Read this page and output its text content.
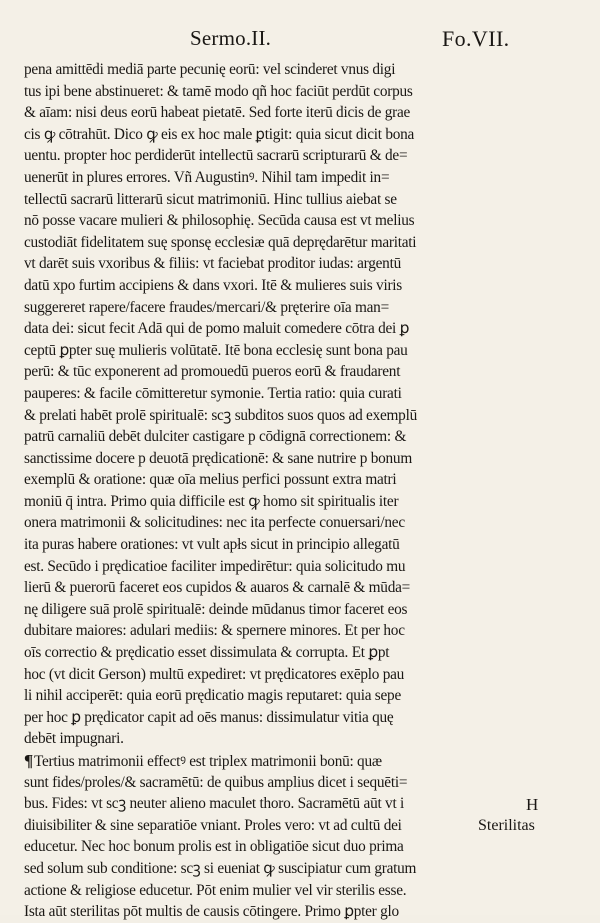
Sermo.II.	Fo.VII.
pena amittēdi mediā parte pecunię eorū: vel scinderet vnus digi
tus ipi bene abstinueret: & tamē modo qñ hoc faciūt perdūt corpus
& aīam: nisi deus eorū habeat pietatē. Sed forte iterū dicis de grae
cis ꝙ cōtrahūt. Dico ꝙ eis ex hoc male ꝑtigit: quia sicut dicit bona
uentu. propter hoc perdiderūt intellectū sacrarū scripturarū & de=
uenerūt in plures errores. Vñ Augustinꝰ. Nihil tam impedit in=
tellectū sacrarū litterarū sicut matrimoniū. Hinc tullius aiebat se
nō posse vacare mulieri & philosophię. Secūda causa est vt melius
custodiāt fidelitatem suę sponsę ecclesiæ quā deprędarētur maritati
vt darēt suis vxoribus & filiis: vt faciebat proditor iudas: argentū
datū xpo furtim accipiens & dans vxori. Itē & mulieres suis viris
suggereret rapere/facere fraudes/mercari/& pręterire oīa man=
data dei: sicut fecit Adā qui de pomo maluit comedere cōtra dei ꝑ
ceptū ꝑpter suę mulieris volūtatē. Itē bona ecclesię sunt bona pau
perū: & tūc exponerent ad promouedū pueros eorū & fraudarent
pauperes: & facile cōmitteretur symonie. Tertia ratio: quia curati
& prelati habēt prolē spiritualē: scꝫ subditos suos quos ad exemplū
patrū carnaliū debēt dulciter castigare p cōdignā correctionem: &
sanctissime docere p deuotā prędicationē: & sane nutrire p bonum
exemplū & oratione: quæ oīa melius perfici possunt extra matri
moniū q̄ intra. Primo quia difficile est ꝙ homo sit spiritualis iter
onera matrimonii & solicitudines: nec ita perfecte conuersari/nec
ita puras habere orationes: vt vult apłs sicut in principio allegatū
est. Secūdo i prędicatioe faciliter impedirētur: quia solicitudo mu
lierū & puerorū faceret eos cupidos & auaros & carnalē & mūda=
nę diligere suā prolē spiritualē: deinde mūdanus timor faceret eos
dubitare maiores: adulari mediis: & spernere minores. Et per hoc
oīs correctio & prędicatio esset dissimulata & corrupta. Et ꝑpt
hoc (vt dicit Gerson) multū expediret: vt prędicatores exēplo pau
li nihil acciperēt: quia eorū prędicatio magis reputaret: quia sepe
per hoc ꝑ prędicator capit ad oēs manus: dissimulatur vitia quę
debēt impugnari.
¶Tertius matrimonii effectꝰ est triplex matrimonii bonū: quæ
sunt fides/proles/& sacramētū: de quibus amplius dicet i sequēti=
bus. Fides: vt scꝫ neuter alieno maculet thoro. Sacramētū aūt vt i
diuisibiliter & sine separatiōe vniant. Proles vero: vt ad cultū dei
educetur. Nec hoc bonum prolis est in obligatiōe sicut duo prima
sed solum sub conditione: scꝫ si eueniat ꝙ suscipiatur cum gratum
actione & religiose educetur. Pōt enim mulier vel vir sterilis esse.
Ista aūt sterilitas pōt multis de causis cōtingere. Primo ꝑpter glo
H
Sterilitas
